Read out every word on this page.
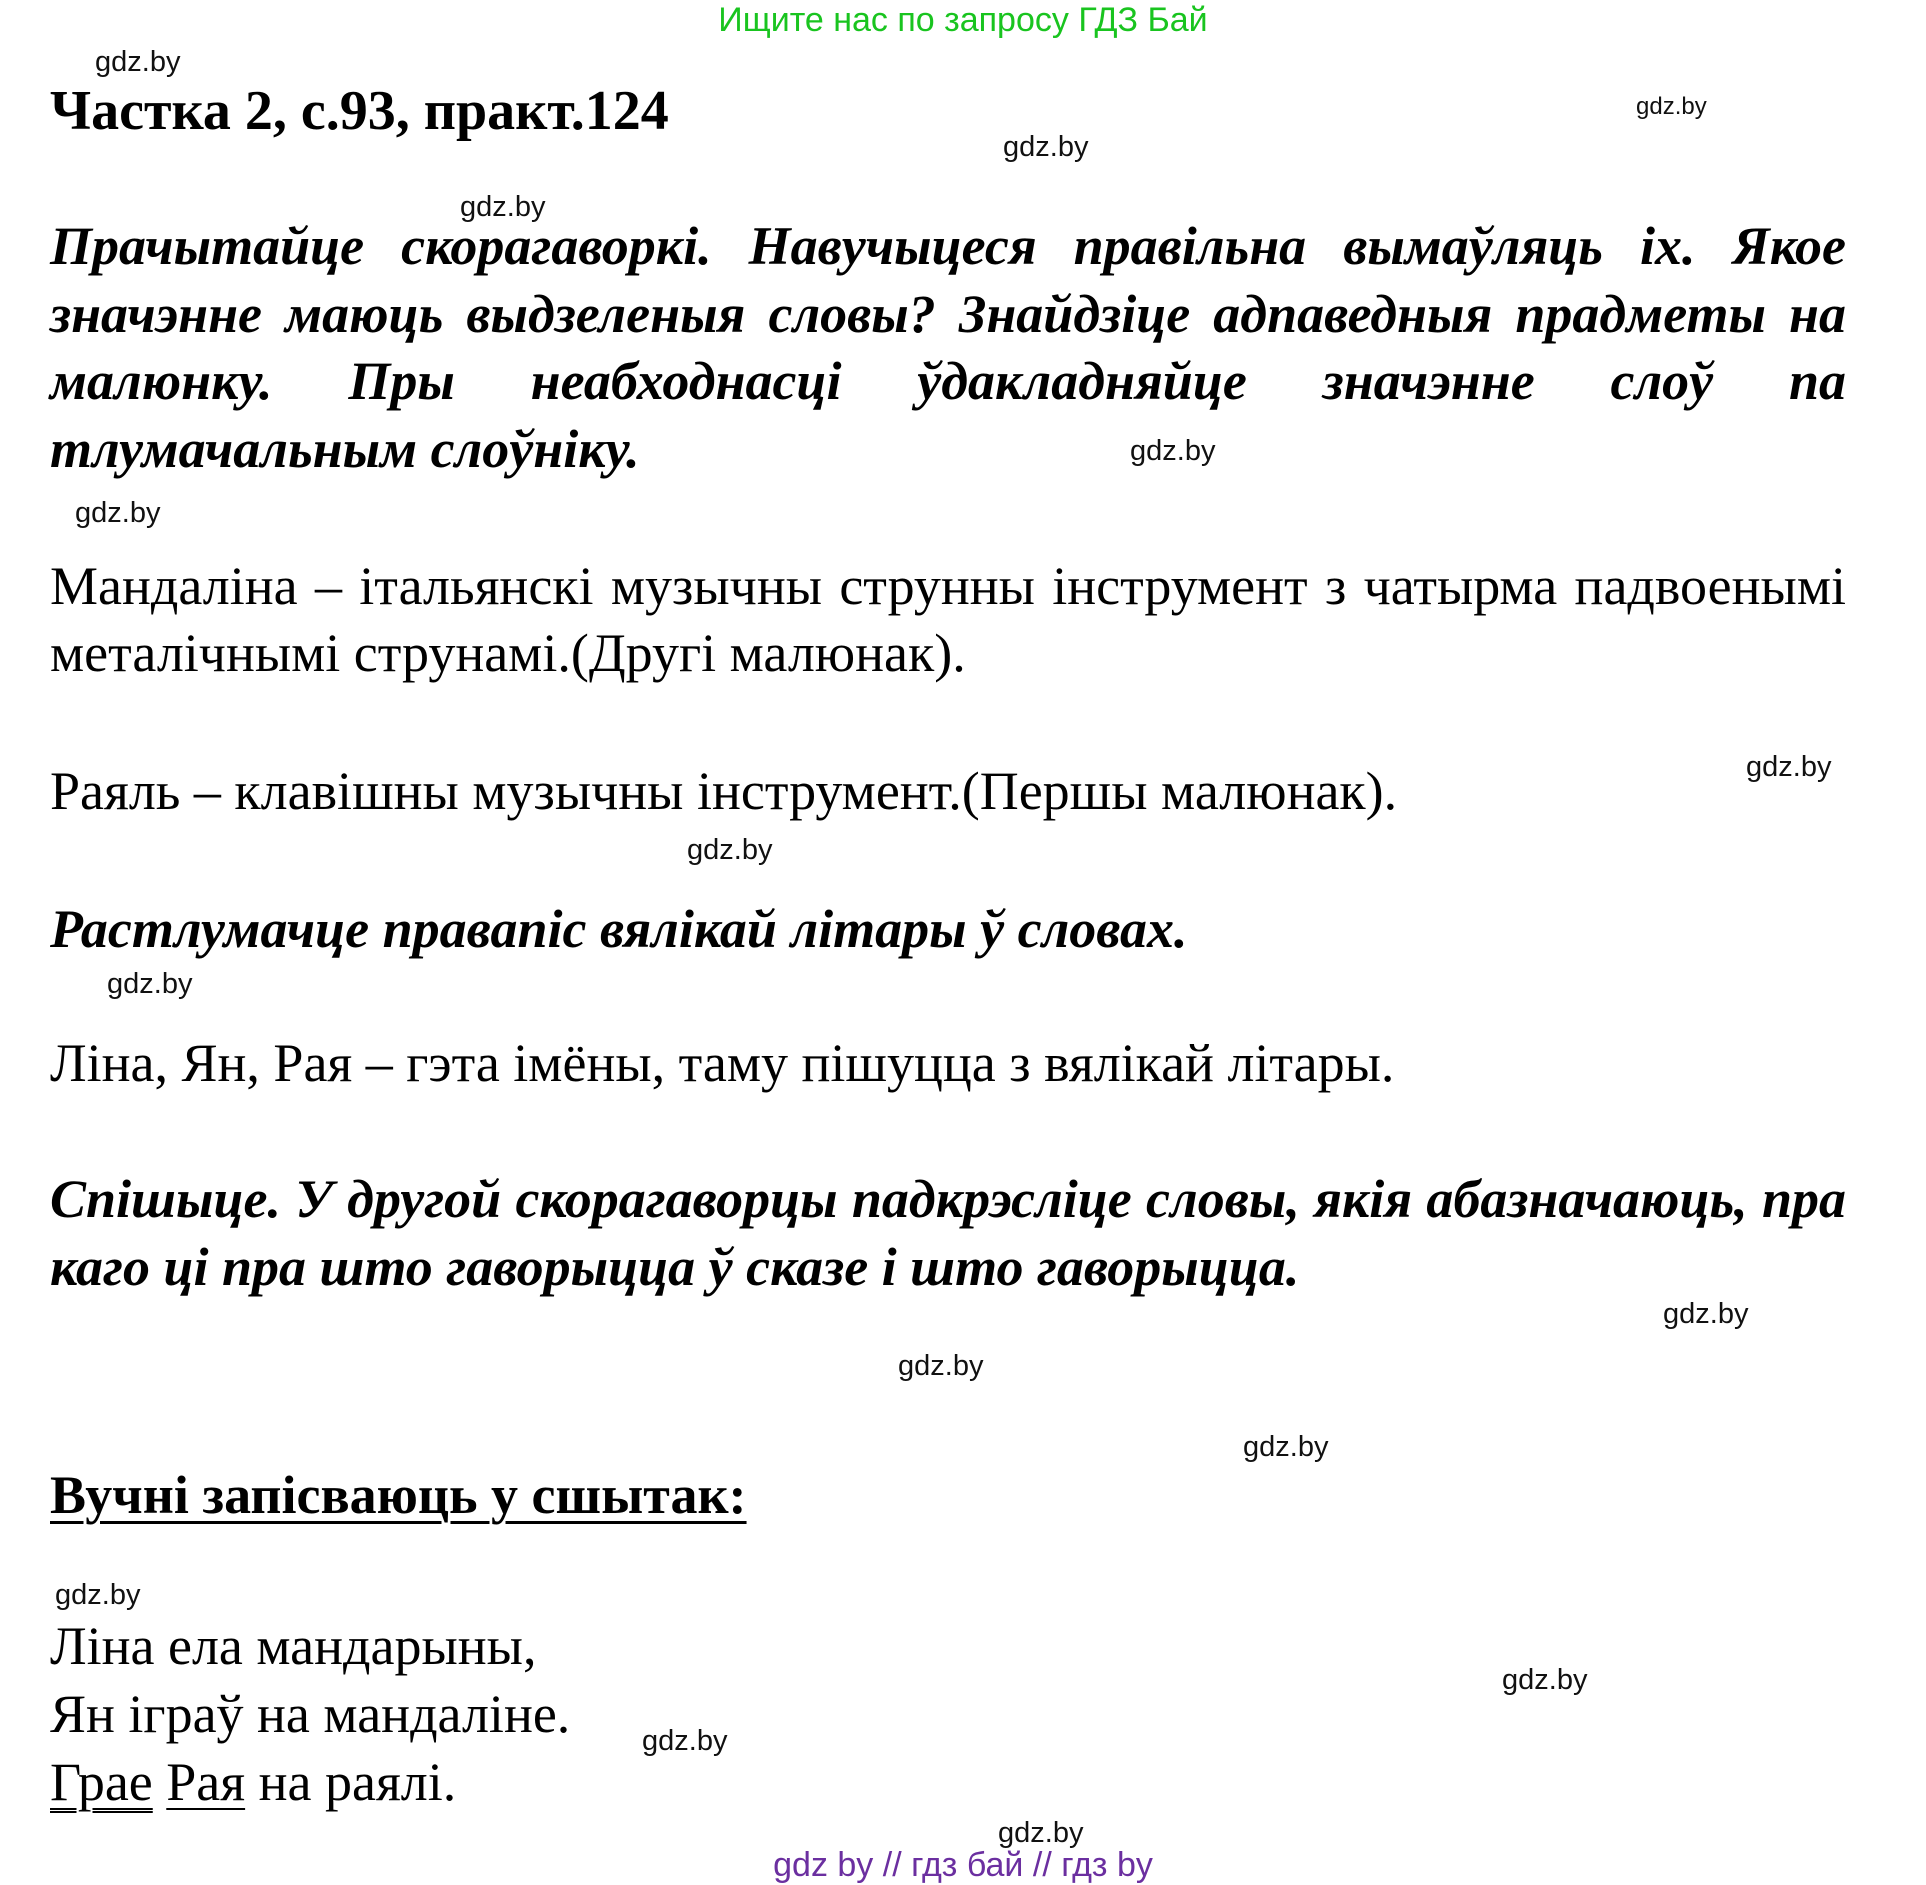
Ищите нас по запросу ГДЗ Бай
gdz.by
Частка 2, с.93, практ.124	gdz.by
gdz.by
gdz.by
Прачытайце скорагаворкі. Навучыцеся правільна вымаўляць іх. Якое значэнне маюць выдзеленыя словы? Знайдзіце адпаведныя прадметы на малюнку. Пры неабходнасці ўдакладняйце значэнне слоў па тлумачальным слоўніку.	gdz.by
gdz.by
Мандаліна – італьянскі музычны струнны інструмент з чатырма падвоенымі металічнымі струнамі.(Другі малюнак).
gdz.by
Раяль – клавішны музычны інструмент.(Першы малюнак).
gdz.by
Растлумачце правапіс вялікай літары ў словах.
gdz.by
Ліна, Ян, Рая – гэта імёны, таму пішуцца з вялікай літары.
Спішыце. У другой скорагаворцы падкрэсліце словы, якія абазначаюць, пра каго ці пра што гаворыцца ў сказе і што гаворыцца.
gdz.by
gdz.by
gdz.by
Вучні запісваюць у сшытак:
gdz.by
Ліна ела мандарыны,
Ян іграў на мандаліне.
Грае Рая на раялі.
gdz.by
gdz.by
gdz.by
gdz by // гдз бай // гдз by
